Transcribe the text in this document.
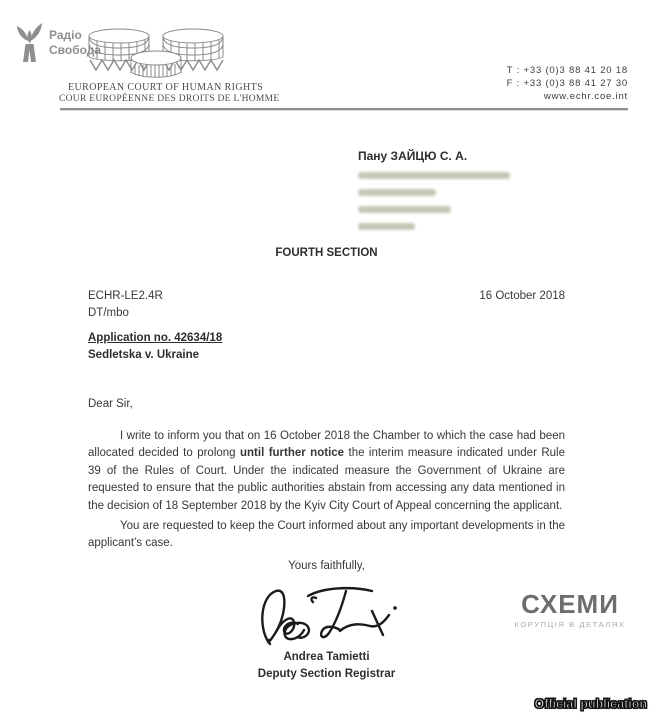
Радіо
Свобода
EUROPEAN COURT OF HUMAN RIGHTS
COUR EUROPÉENNE DES DROITS DE L'HOMME
T : +33 (0)3 88 41 20 18
F : +33 (0)3 88 41 27 30
www.echr.coe.int
Пану ЗАЙЦЮ С. А.
FOURTH SECTION
ECHR-LE2.4R
DT/mbo
16 October 2018
Application no. 42634/18
Sedletska v. Ukraine
Dear Sir,
I write to inform you that on 16 October 2018 the Chamber to which the case had been allocated decided to prolong until further notice the interim measure indicated under Rule 39 of the Rules of Court. Under the indicated measure the Government of Ukraine are requested to ensure that the public authorities abstain from accessing any data mentioned in the decision of 18 September 2018 by the Kyiv City Court of Appeal concerning the applicant.
You are requested to keep the Court informed about any important developments in the applicant’s case.
Yours faithfully,
Andrea Tamietti
Deputy Section Registrar
СХЕМИ
КОРУПЦІЯ В ДЕТАЛЯХ
Official publication
